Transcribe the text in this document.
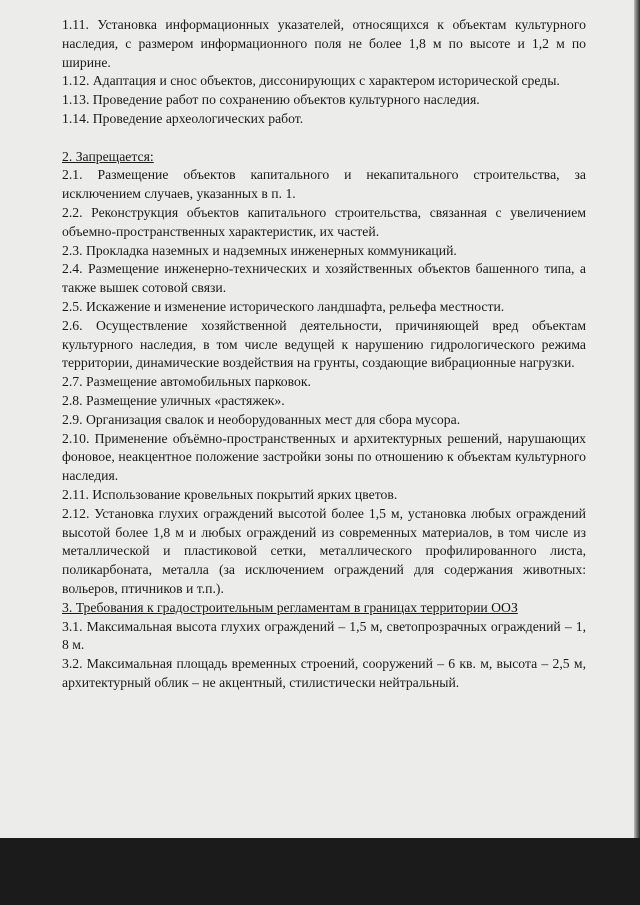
1.11. Установка информационных указателей, относящихся к объектам культурного наследия, с размером информационного поля не более 1,8 м по высоте и 1,2 м по ширине.

1.12. Адаптация и снос объектов, диссонирующих с характером исторической среды.

1.13. Проведение работ по сохранению объектов культурного наследия.

1.14. Проведение археологических работ.

2. Запрещается:

2.1. Размещение объектов капитального и некапитального строительства, за исключением случаев, указанных в п. 1.

2.2. Реконструкция объектов капитального строительства, связанная с увеличением объемно-пространственных характеристик, их частей.

2.3. Прокладка наземных и надземных инженерных коммуникаций.

2.4. Размещение инженерно-технических и хозяйственных объектов башенного типа, а также вышек сотовой связи.

2.5. Искажение и изменение исторического ландшафта, рельефа местности.

2.6. Осуществление хозяйственной деятельности, причиняющей вред объектам культурного наследия, в том числе ведущей к нарушению гидрологического режима территории, динамические воздействия на грунты, создающие вибрационные нагрузки.

2.7. Размещение автомобильных парковок.

2.8. Размещение уличных «растяжек».

2.9. Организация свалок и необорудованных мест для сбора мусора.

2.10. Применение объёмно-пространственных и архитектурных решений, нарушающих фоновое, неакцентное положение застройки зоны по отношению к объектам культурного наследия.

2.11. Использование кровельных покрытий ярких цветов.

2.12. Установка глухих ограждений высотой более 1,5 м, установка любых ограждений высотой более 1,8 м и любых ограждений из современных материалов, в том числе из металлической и пластиковой сетки, металлического профилированного листа, поликарбоната, металла (за исключением ограждений для содержания животных: вольеров, птичников и т.п.).

3. Требования к градостроительным регламентам в границах территории ООЗ

3.1. Максимальная высота глухих ограждений – 1,5 м, светопрозрачных ограждений – 1, 8 м.

3.2. Максимальная площадь временных строений, сооружений – 6 кв. м, высота – 2,5 м, архитектурный облик – не акцентный, стилистически нейтральный.
